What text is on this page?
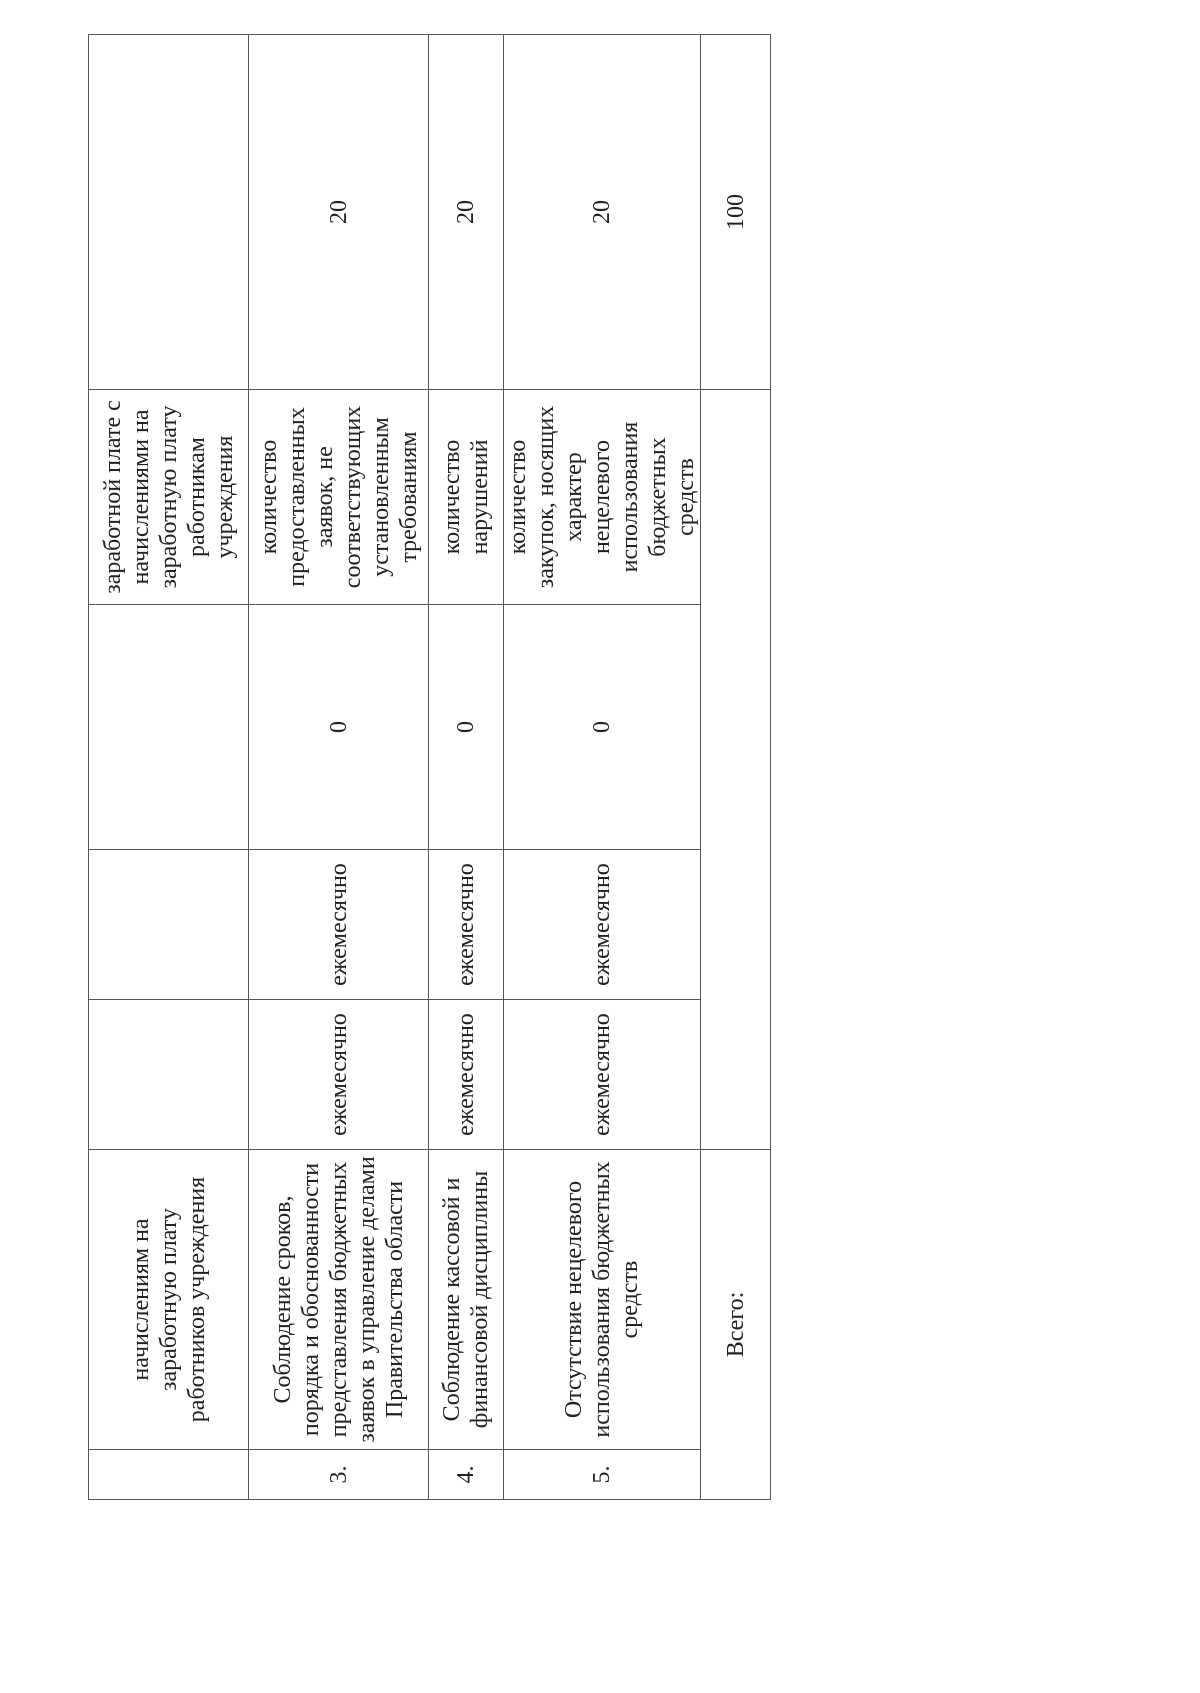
	начислениям на заработную плату работников учреждения				заработной плате с начислениями на заработную плату работникам учреждения	
3.	Соблюдение сроков, порядка и обоснованности представления бюджетных заявок в управление делами Правительства области	ежемесячно	ежемесячно	0	количество предоставленных заявок, не соответствующих установленным требованиям	20
4.	Соблюдение кассовой и финансовой дисциплины	ежемесячно	ежемесячно	0	количество нарушений	20
5.	Отсутствие нецелевого использования бюджетных средств	ежемесячно	ежемесячно	0	количество закупок, носящих характер нецелевого использования бюджетных средств	20
Всего:						100
